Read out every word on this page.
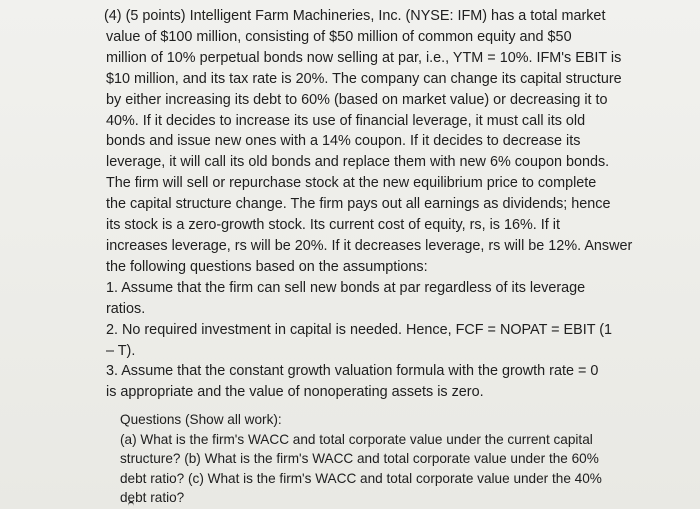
(4) (5 points) Intelligent Farm Machineries, Inc. (NYSE: IFM) has a total market
value of $100 million, consisting of $50 million of common equity and $50
million of 10% perpetual bonds now selling at par, i.e., YTM = 10%. IFM's EBIT is
$10 million, and its tax rate is 20%. The company can change its capital structure
by either increasing its debt to 60% (based on market value) or decreasing it to
40%. If it decides to increase its use of financial leverage, it must call its old
bonds and issue new ones with a 14% coupon. If it decides to decrease its
leverage, it will call its old bonds and replace them with new 6% coupon bonds.
The firm will sell or repurchase stock at the new equilibrium price to complete
the capital structure change. The firm pays out all earnings as dividends; hence
its stock is a zero-growth stock. Its current cost of equity, rs, is 16%. If it
increases leverage, rs will be 20%. If it decreases leverage, rs will be 12%. Answer
the following questions based on the assumptions:
1. Assume that the firm can sell new bonds at par regardless of its leverage
ratios.
2. No required investment in capital is needed. Hence, FCF = NOPAT = EBIT (1
– T).
3. Assume that the constant growth valuation formula with the growth rate = 0
is appropriate and the value of nonoperating assets is zero.
Questions (Show all work):
(a) What is the firm's WACC and total corporate value under the current capital
structure? (b) What is the firm's WACC and total corporate value under the 60%
debt ratio? (c) What is the firm's WACC and total corporate value under the 40%
debt ratio?
